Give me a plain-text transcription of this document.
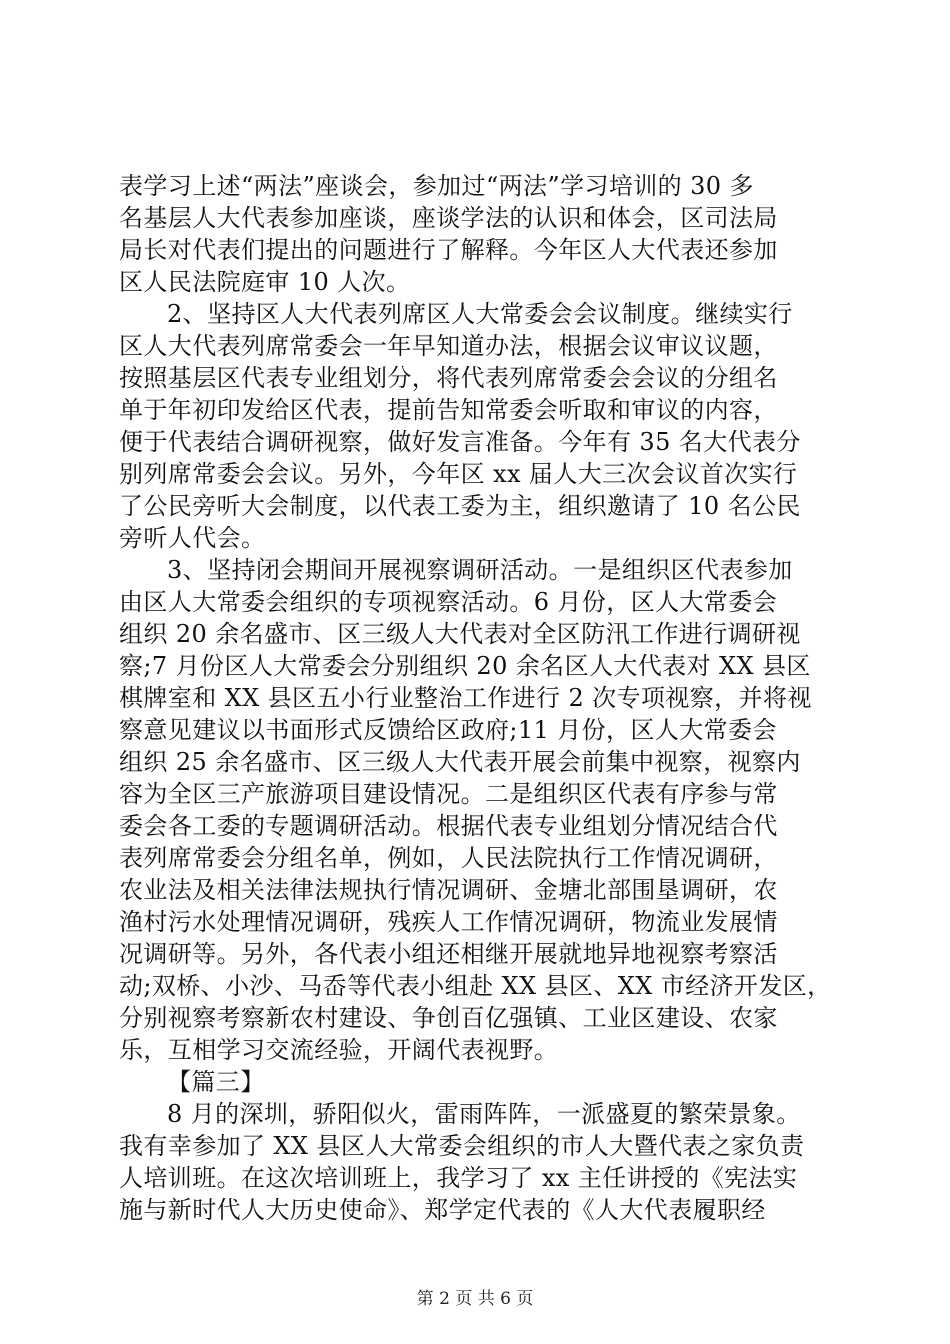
表学习上述“两法”座谈会，参加过“两法”学习培训的 30 多
名基层人大代表参加座谈，座谈学法的认识和体会，区司法局
局长对代表们提出的问题进行了解释。今年区人大代表还参加
区人民法院庭审 10 人次。
2、坚持区人大代表列席区人大常委会会议制度。继续实行
区人大代表列席常委会一年早知道办法，根据会议审议议题，
按照基层区代表专业组划分，将代表列席常委会会议的分组名
单于年初印发给区代表，提前告知常委会听取和审议的内容，
便于代表结合调研视察，做好发言准备。今年有 35 名大代表分
别列席常委会会议。另外，今年区 xx 届人大三次会议首次实行
了公民旁听大会制度，以代表工委为主，组织邀请了 10 名公民
旁听人代会。
3、坚持闭会期间开展视察调研活动。一是组织区代表参加
由区人大常委会组织的专项视察活动。6 月份，区人大常委会
组织 20 余名盛市、区三级人大代表对全区防汛工作进行调研视
察;7 月份区人大常委会分别组织 20 余名区人大代表对 XX 县区
棋牌室和 XX 县区五小行业整治工作进行 2 次专项视察，并将视
察意见建议以书面形式反馈给区政府;11 月份，区人大常委会
组织 25 余名盛市、区三级人大代表开展会前集中视察，视察内
容为全区三产旅游项目建设情况。二是组织区代表有序参与常
委会各工委的专题调研活动。根据代表专业组划分情况结合代
表列席常委会分组名单，例如，人民法院执行工作情况调研，
农业法及相关法律法规执行情况调研、金塘北部围垦调研，农
渔村污水处理情况调研，残疾人工作情况调研，物流业发展情
况调研等。另外，各代表小组还相继开展就地异地视察考察活
动;双桥、小沙、马岙等代表小组赴 XX 县区、XX 市经济开发区，
分别视察考察新农村建设、争创百亿强镇、工业区建设、农家
乐，互相学习交流经验，开阔代表视野。
【篇三】
8 月的深圳，骄阳似火，雷雨阵阵，一派盛夏的繁荣景象。
我有幸参加了 XX 县区人大常委会组织的市人大暨代表之家负责
人培训班。在这次培训班上，我学习了 xx 主任讲授的《宪法实
施与新时代人大历史使命》、郑学定代表的《人大代表履职经
第 2 页 共 6 页
